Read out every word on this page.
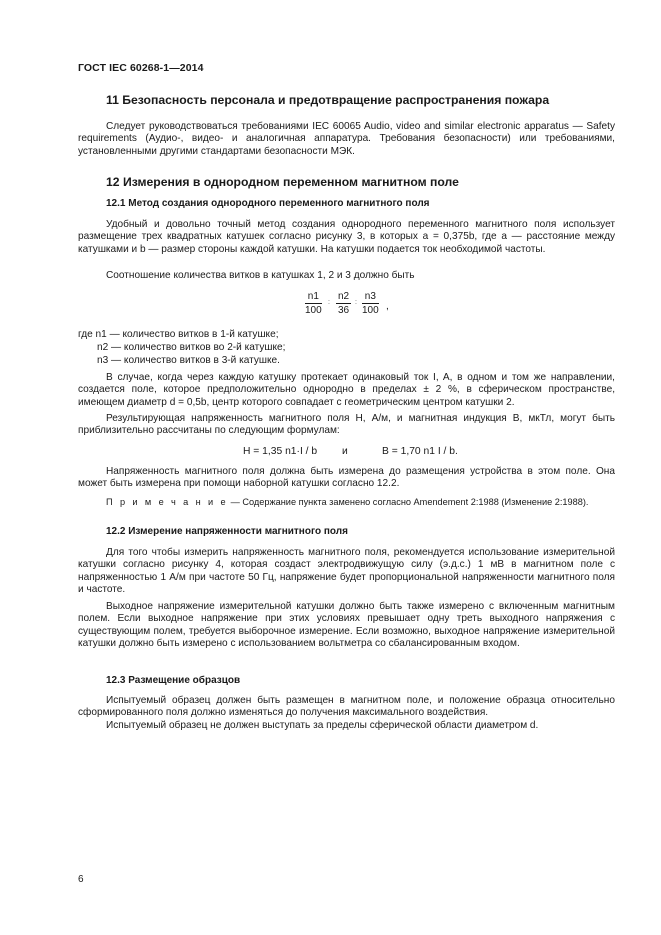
ГОСТ IEC 60268-1—2014
11 Безопасность персонала и предотвращение распространения пожара
Следует руководствоваться требованиями IEC 60065 Audio, video and similar electronic apparatus — Safety requirements (Аудио-, видео- и аналогичная аппаратура. Требования безопасности) или требованиями, установленными другими стандартами безопасности МЭК.
12 Измерения в однородном переменном магнитном поле
12.1 Метод создания однородного переменного магнитного поля
Удобный и довольно точный метод создания однородного переменного магнитного поля использует размещение трех квадратных катушек согласно рисунку 3, в которых a = 0,375b, где a — расстояние между катушками и b — размер стороны каждой катушки. На катушки подается ток необходимой частоты.
Соотношение количества витков в катушках 1, 2 и 3 должно быть
$\frac{n1}{100}$ : $\frac{n2}{36}$ : $\frac{n3}{100}$ ,
где n1 — количество витков в 1-й катушке;
n2 — количество витков во 2-й катушке;
n3 — количество витков в 3-й катушке.
В случае, когда через каждую катушку протекает одинаковый ток I, A, в одном и том же направлении, создается поле, которое предположительно однородно в пределах ± 2 %, в сферическом пространстве, имеющем диаметр d = 0,5b, центр которого совпадает с геометрическим центром катушки 2.
Результирующая напряженность магнитного поля H, А/м, и магнитная индукция B, мкТл, могут быть приблизительно рассчитаны по следующим формулам:
H = 1,35 n1·I / b и	B = 1,70 n1 I / b.
Напряженность магнитного поля должна быть измерена до размещения устройства в этом поле. Она может быть измерена при помощи наборной катушки согласно 12.2.
П р и м е ч а н и е — Содержание пункта заменено согласно Amendement 2:1988 (Изменение 2:1988).
12.2 Измерение напряженности магнитного поля
Для того чтобы измерить напряженность магнитного поля, рекомендуется использование измерительной катушки согласно рисунку 4, которая создаст электродвижущую силу (э.д.с.) 1 мВ в магнитном поле с напряженностью 1 А/м при частоте 50 Гц, напряжение будет пропорциональной напряженности магнитного поля и частоте.
Выходное напряжение измерительной катушки должно быть также измерено с включенным магнитным полем. Если выходное напряжение при этих условиях превышает одну треть выходного напряжения с существующим полем, требуется выборочное измерение. Если возможно, выходное напряжение измерительной катушки должно быть измерено с использованием вольтметра со сбалансированным входом.
12.3 Размещение образцов
Испытуемый образец должен быть размещен в магнитном поле, и положение образца относительно сформированного поля должно изменяться до получения максимального воздействия.
Испытуемый образец не должен выступать за пределы сферической области диаметром d.
6
